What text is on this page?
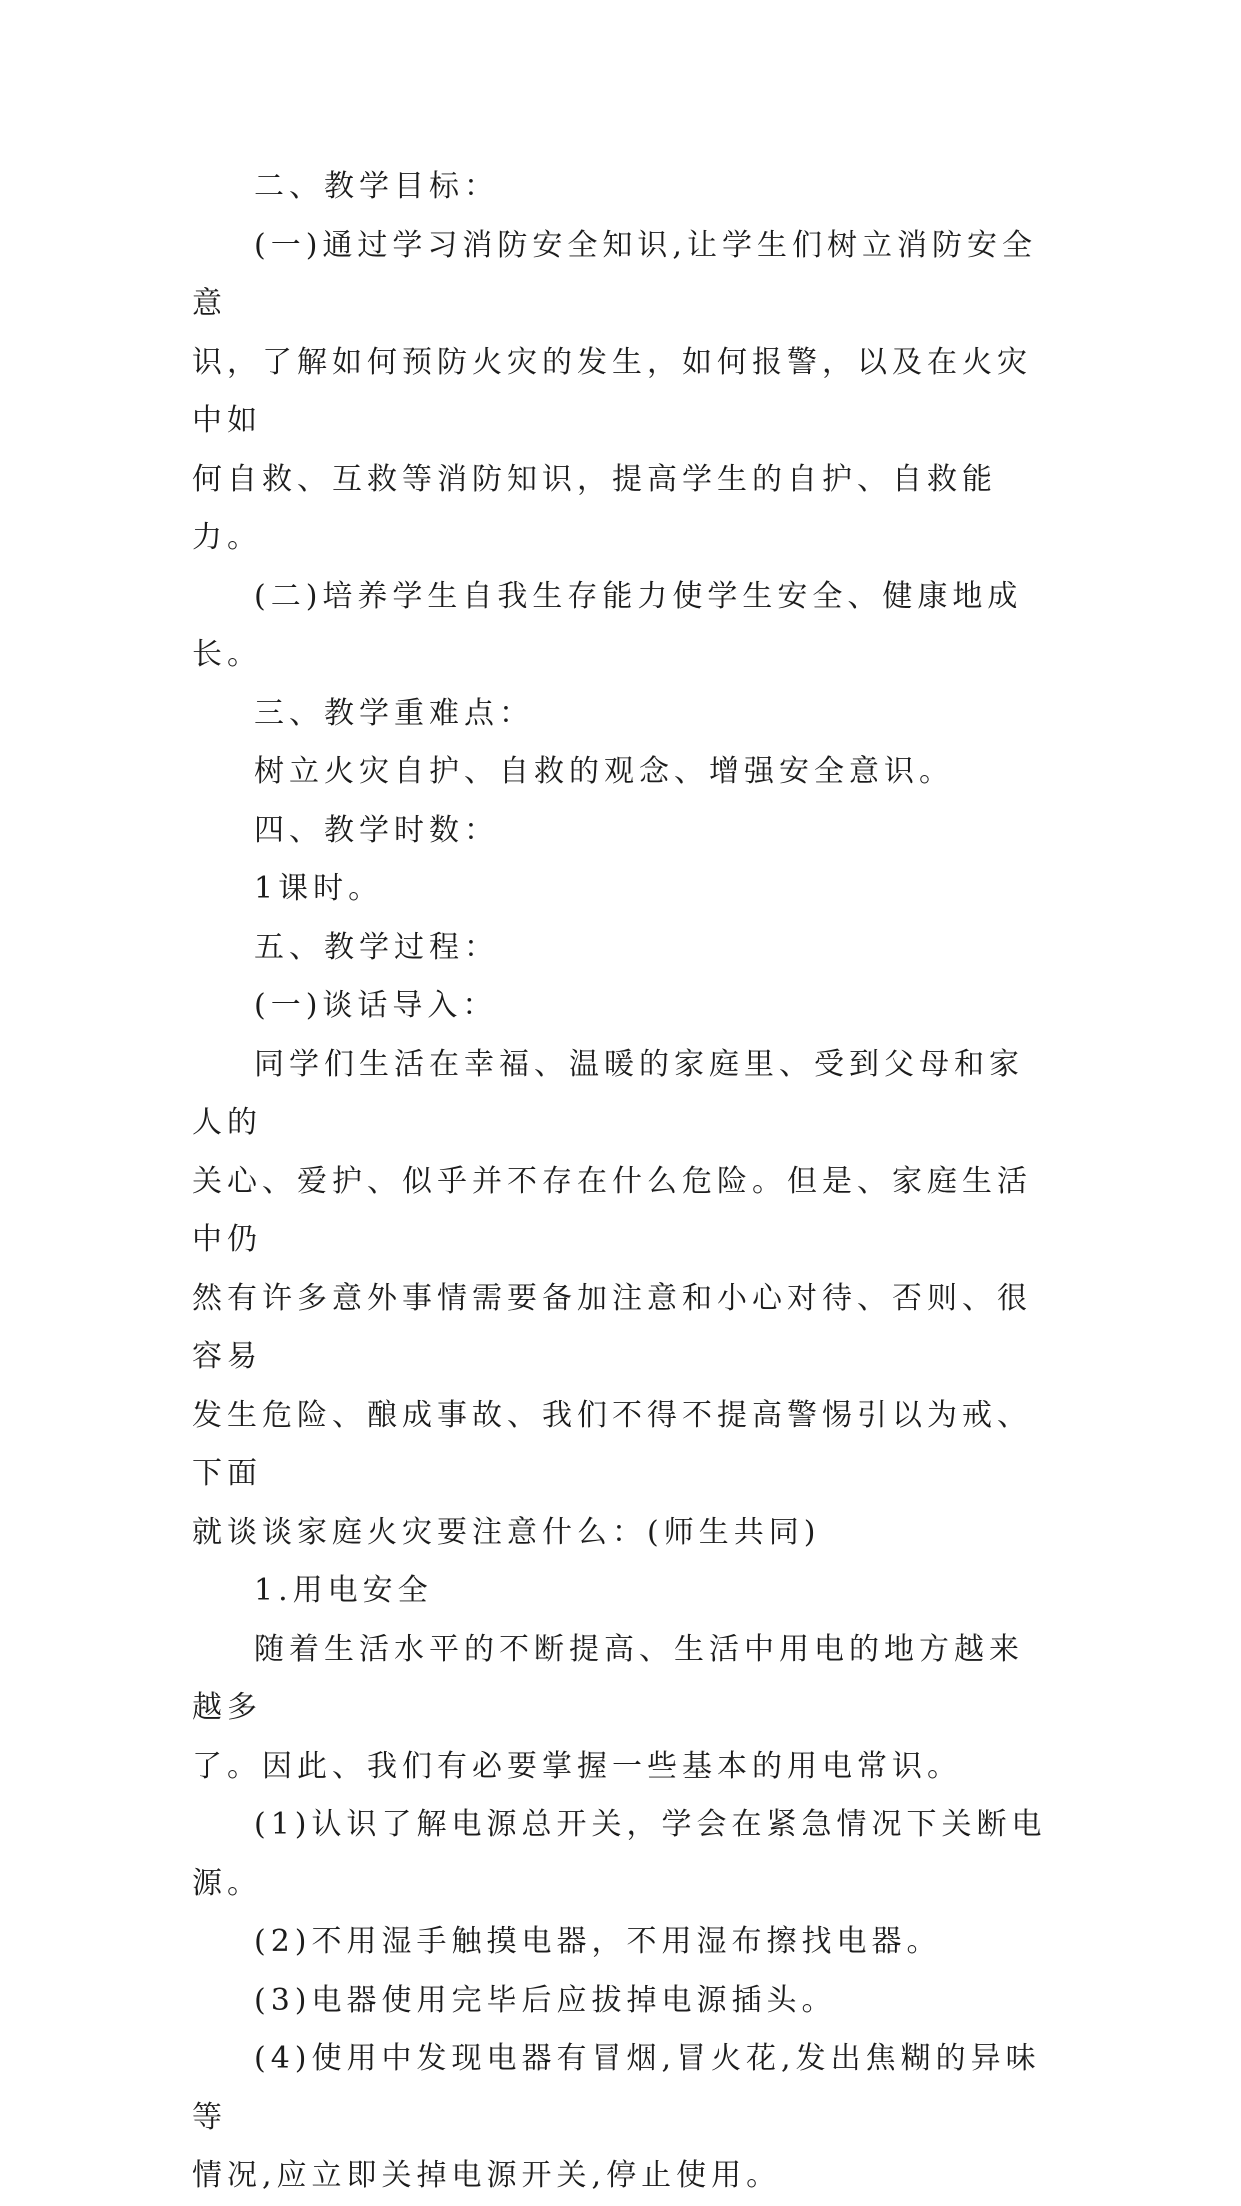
二、教学目标：
(一)通过学习消防安全知识,让学生们树立消防安全意
识，了解如何预防火灾的发生，如何报警，以及在火灾中如
何自救、互救等消防知识，提高学生的自护、自救能力。
(二)培养学生自我生存能力使学生安全、健康地成长。
三、教学重难点：
树立火灾自护、自救的观念、增强安全意识。
四、教学时数：
1课时。
五、教学过程：
(一)谈话导入：
同学们生活在幸福、温暖的家庭里、受到父母和家人的
关心、爱护、似乎并不存在什么危险。但是、家庭生活中仍
然有许多意外事情需要备加注意和小心对待、否则、很容易
发生危险、酿成事故、我们不得不提高警惕引以为戒、下面
就谈谈家庭火灾要注意什么：(师生共同)
1.用电安全
随着生活水平的不断提高、生活中用电的地方越来越多
了。因此、我们有必要掌握一些基本的用电常识。
(1)认识了解电源总开关，学会在紧急情况下关断电源。
(2)不用湿手触摸电器，不用湿布擦找电器。
(3)电器使用完毕后应拔掉电源插头。
(4)使用中发现电器有冒烟,冒火花,发出焦糊的异味等
情况,应立即关掉电源开关,停止使用。
